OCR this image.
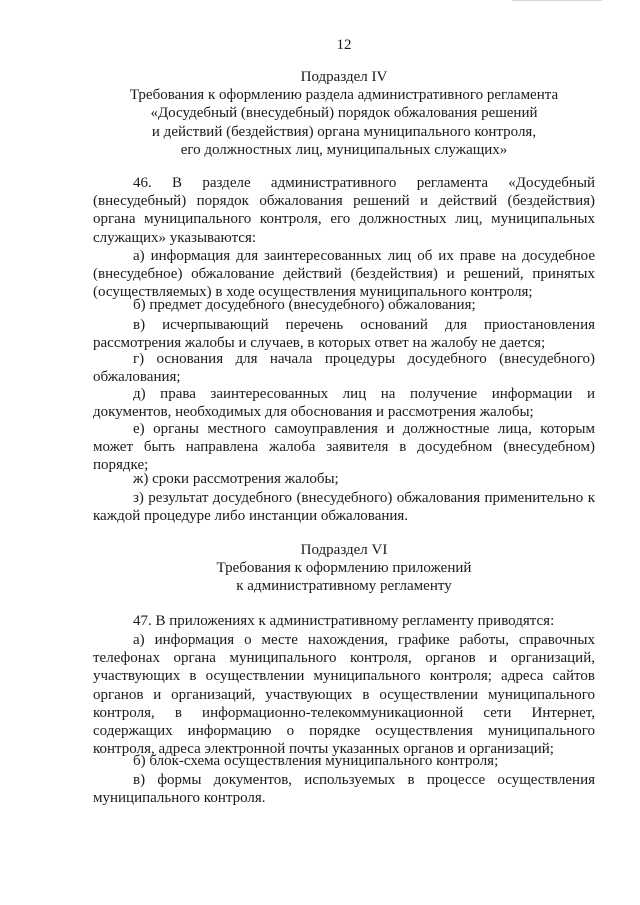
12
Подраздел IV
Требования к оформлению раздела административного регламента
«Досудебный (внесудебный) порядок обжалования решений
и действий (бездействия) органа муниципального контроля,
его должностных лиц, муниципальных служащих»
46. В разделе административного регламента «Досудебный
(внесудебный) порядок обжалования решений и действий (бездействия)
органа муниципального контроля, его должностных лиц, муниципальных
служащих» указываются:
а) информация для заинтересованных лиц об их праве на досудебное
(внесудебное) обжалование действий (бездействия) и решений, принятых
(осуществляемых) в ходе осуществления муниципального контроля;
б) предмет досудебного (внесудебного) обжалования;
в) исчерпывающий перечень оснований для приостановления
рассмотрения жалобы и случаев, в которых ответ на жалобу не дается;
г) основания для начала процедуры досудебного (внесудебного)
обжалования;
д) права заинтересованных лиц на получение информации и
документов, необходимых для обоснования и рассмотрения жалобы;
е) органы местного самоуправления и должностные лица, которым
может быть направлена жалоба заявителя в досудебном (внесудебном)
порядке;
ж) сроки рассмотрения жалобы;
з) результат досудебного (внесудебного) обжалования применительно к
каждой процедуре либо инстанции обжалования.
Подраздел VI
Требования к оформлению приложений
к административному регламенту
47. В приложениях к административному регламенту приводятся:
а) информация о месте нахождения, графике работы, справочных
телефонах органа муниципального контроля, органов и организаций,
участвующих в осуществлении муниципального контроля; адреса сайтов
органов и организаций, участвующих в осуществлении муниципального
контроля, в информационно-телекоммуникационной сети Интернет,
содержащих информацию о порядке осуществления муниципального
контроля, адреса электронной почты указанных органов и организаций;
б) блок-схема осуществления муниципального контроля;
в) формы документов, используемых в процессе осуществления
муниципального контроля.
